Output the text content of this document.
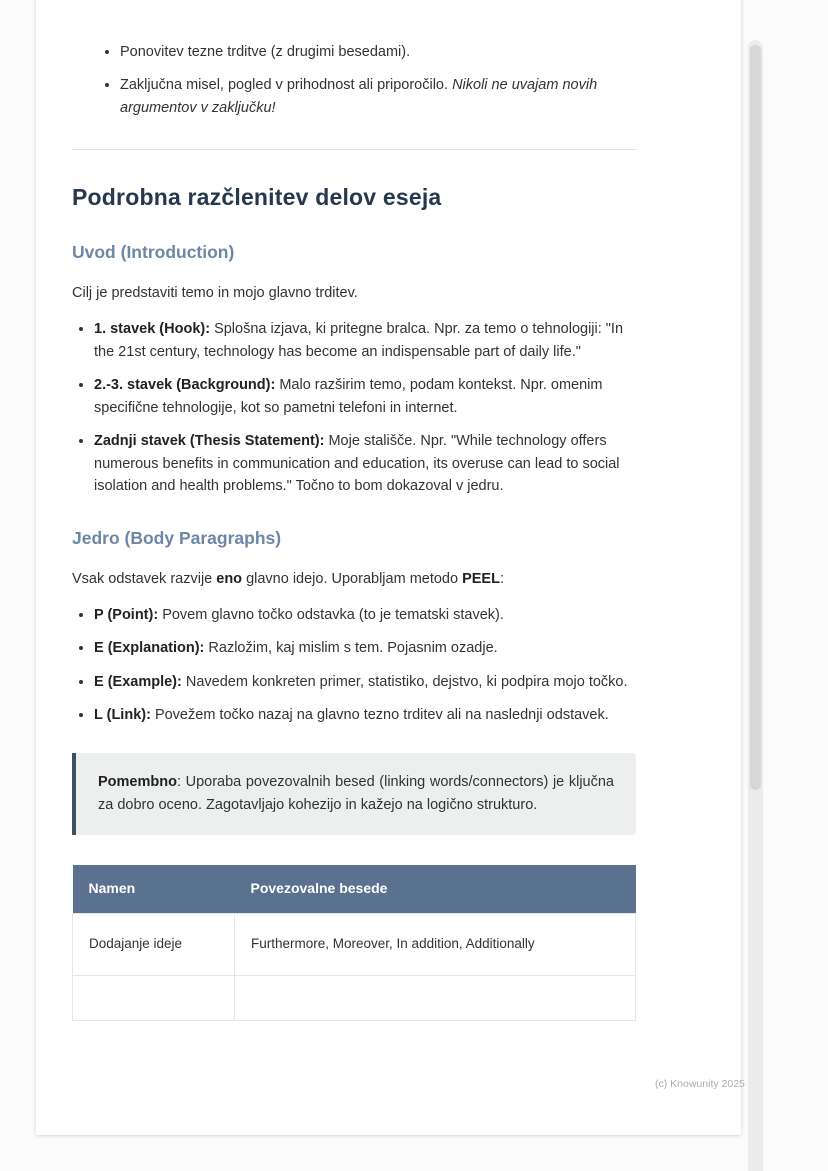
• Ponovitev tezne trditve (z drugimi besedami).
• Zaključna misel, pogled v prihodnost ali priporočilo. Nikoli ne uvajam novih argumentov v zaključku!
Podrobna razčlenitev delov eseja
Uvod (Introduction)

Cilj je predstaviti temo in mojo glavno trditev.

• 1. stavek (Hook): Splošna izjava, ki pritegne bralca. Npr. za temo o tehnologiji: "In the 21st century, technology has become an indispensable part of daily life."
• 2.-3. stavek (Background): Malo razširim temo, podam kontekst. Npr. omenim specifične tehnologije, kot so pametni telefoni in internet.
• Zadnji stavek (Thesis Statement): Moje stališče. Npr. "While technology offers numerous benefits in communication and education, its overuse can lead to social isolation and health problems." Točno to bom dokazoval v jedru.
Jedro (Body Paragraphs)

Vsak odstavek razvije eno glavno idejo. Uporabljam metodo PEEL:

• P (Point): Povem glavno točko odstavka (to je tematski stavek).
• E (Explanation): Razložim, kaj mislim s tem. Pojasnim ozadje.
• E (Example): Navedem konkreten primer, statistiko, dejstvo, ki podpira mojo točko.
• L (Link): Povežem točko nazaj na glavno tezno trditev ali na naslednji odstavek.
Pomembno: Uporaba povezovalnih besed (linking words/connectors) je ključna za dobro oceno. Zagotavljajo kohezijo in kažejo na logično strukturo.
Namen	Povezovalne besede
Dodajanje ideje	Furthermore, Moreover, In addition, Additionally

(c) Knowunity 2025
